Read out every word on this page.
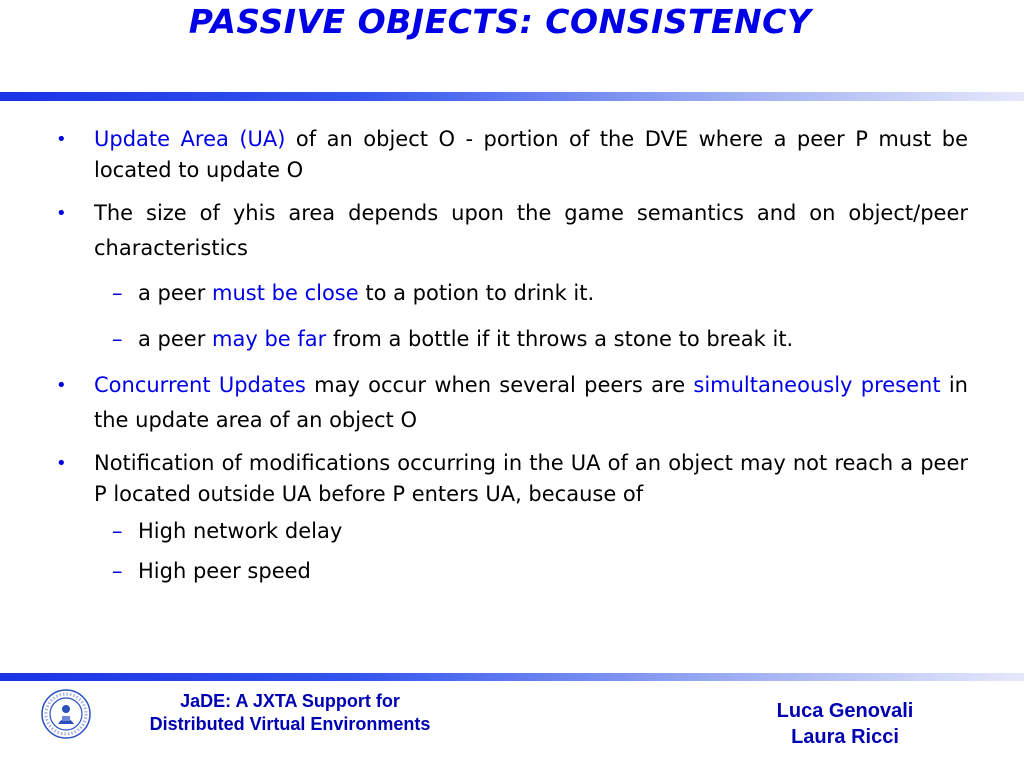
PASSIVE OBJECTS: CONSISTENCY
• Update Area (UA) of an object O - portion of the DVE where a peer P must be located to update O
• The size of yhis area depends upon the game semantics and on object/peer characteristics
– a peer must be close to a potion to drink it.
– a peer may be far from a bottle if it throws a stone to break it.
• Concurrent Updates may occur when several peers are simultaneously present in the update area of an object O
• Notification of modifications occurring in the UA of an object may not reach a peer P located outside UA before P enters UA, because of
– High network delay
– High peer speed
JaDE: A JXTA Support for
Distributed Virtual Environments
Luca Genovali
Laura Ricci
